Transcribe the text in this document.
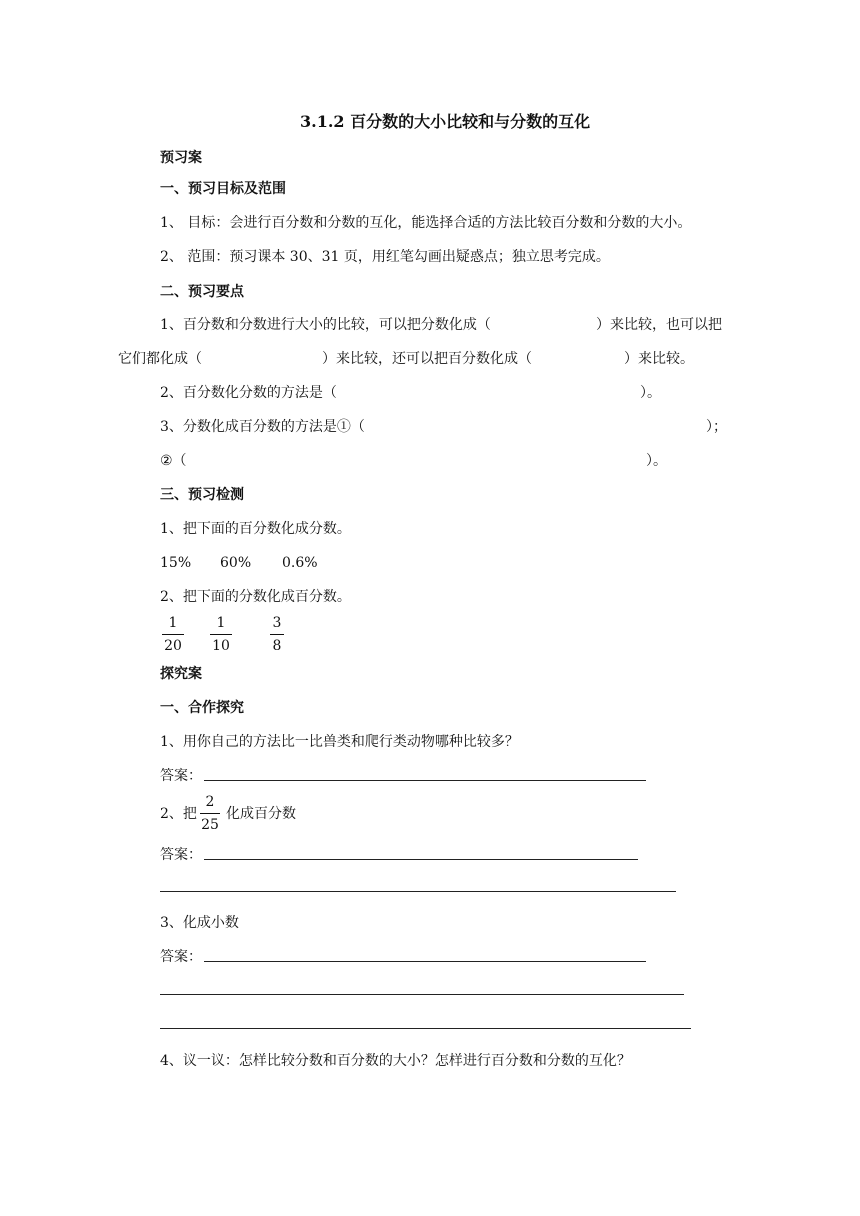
3.1.2 百分数的大小比较和与分数的互化
预习案
一、预习目标及范围
1、 目标：会进行百分数和分数的互化，能选择合适的方法比较百分数和分数的大小。
2、 范围：预习课本 30、31 页，用红笔勾画出疑惑点；独立思考完成。
二、预习要点
1、百分数和分数进行大小的比较，可以把分数化成（	）来比较，也可以把
它们都化成（	）来比较，还可以把百分数化成（	）来比较。
2、百分数化分数的方法是（	）。
3、分数化成百分数的方法是①（	）；
②（	）。
三、预习检测
1、把下面的百分数化成分数。
15% 60% 0.6%
2、把下面的分数化成百分数。
$\frac{1}{20} \frac{1}{10}$	$\frac{3}{8}$
探究案
一、合作探究
1、用你自己的方法比一比兽类和爬行类动物哪种比较多？
答案：
2、把 $\frac{2}{25}$ 化成百分数
答案：
3、化成小数
答案：
4、议一议：怎样比较分数和百分数的大小？怎样进行百分数和分数的互化？
